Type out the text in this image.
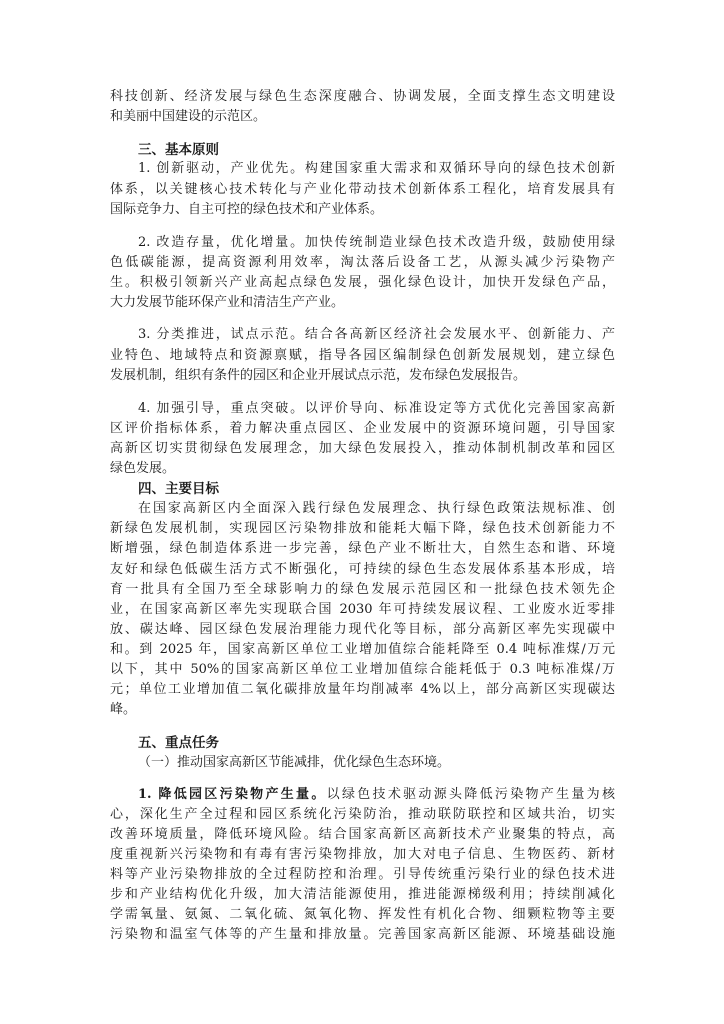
科技创新、经济发展与绿色生态深度融合、协调发展，全面支撑生态文明建设

和美丽中国建设的示范区。

三、基本原则

1. 创新驱动，产业优先。构建国家重大需求和双循环导向的绿色技术创新

体系，以关键核心技术转化与产业化带动技术创新体系工程化，培育发展具有

国际竞争力、自主可控的绿色技术和产业体系。

2. 改造存量，优化增量。加快传统制造业绿色技术改造升级，鼓励使用绿

色低碳能源，提高资源利用效率，淘汰落后设备工艺，从源头减少污染物产

生。积极引领新兴产业高起点绿色发展，强化绿色设计，加快开发绿色产品，

大力发展节能环保产业和清洁生产产业。

3. 分类推进，试点示范。结合各高新区经济社会发展水平、创新能力、产

业特色、地域特点和资源禀赋，指导各园区编制绿色创新发展规划，建立绿色

发展机制，组织有条件的园区和企业开展试点示范，发布绿色发展报告。

4. 加强引导，重点突破。以评价导向、标准设定等方式优化完善国家高新

区评价指标体系，着力解决重点园区、企业发展中的资源环境问题，引导国家

高新区切实贯彻绿色发展理念，加大绿色发展投入，推动体制机制改革和园区

绿色发展。

四、主要目标

在国家高新区内全面深入践行绿色发展理念、执行绿色政策法规标准、创

新绿色发展机制，实现园区污染物排放和能耗大幅下降，绿色技术创新能力不

断增强，绿色制造体系进一步完善，绿色产业不断壮大，自然生态和谐、环境

友好和绿色低碳生活方式不断强化，可持续的绿色生态发展体系基本形成，培

育一批具有全国乃至全球影响力的绿色发展示范园区和一批绿色技术领先企

业，在国家高新区率先实现联合国 2030 年可持续发展议程、工业废水近零排

放、碳达峰、园区绿色发展治理能力现代化等目标，部分高新区率先实现碳中

和。到 2025 年，国家高新区单位工业增加值综合能耗降至 0.4 吨标准煤/万元

以下，其中 50%的国家高新区单位工业增加值综合能耗低于 0.3 吨标准煤/万

元；单位工业增加值二氧化碳排放量年均削减率 4%以上，部分高新区实现碳达

峰。

五、重点任务

（一）推动国家高新区节能减排，优化绿色生态环境。

1. 降低园区污染物产生量。以绿色技术驱动源头降低污染物产生量为核

心，深化生产全过程和园区系统化污染防治，推动联防联控和区域共治，切实

改善环境质量，降低环境风险。结合国家高新区高新技术产业聚集的特点，高

度重视新兴污染物和有毒有害污染物排放，加大对电子信息、生物医药、新材

料等产业污染物排放的全过程防控和治理。引导传统重污染行业的绿色技术进

步和产业结构优化升级，加大清洁能源使用，推进能源梯级利用；持续削减化

学需氧量、氨氮、二氧化硫、氮氧化物、挥发性有机化合物、细颗粒物等主要

污染物和温室气体等的产生量和排放量。完善国家高新区能源、环境基础设施
